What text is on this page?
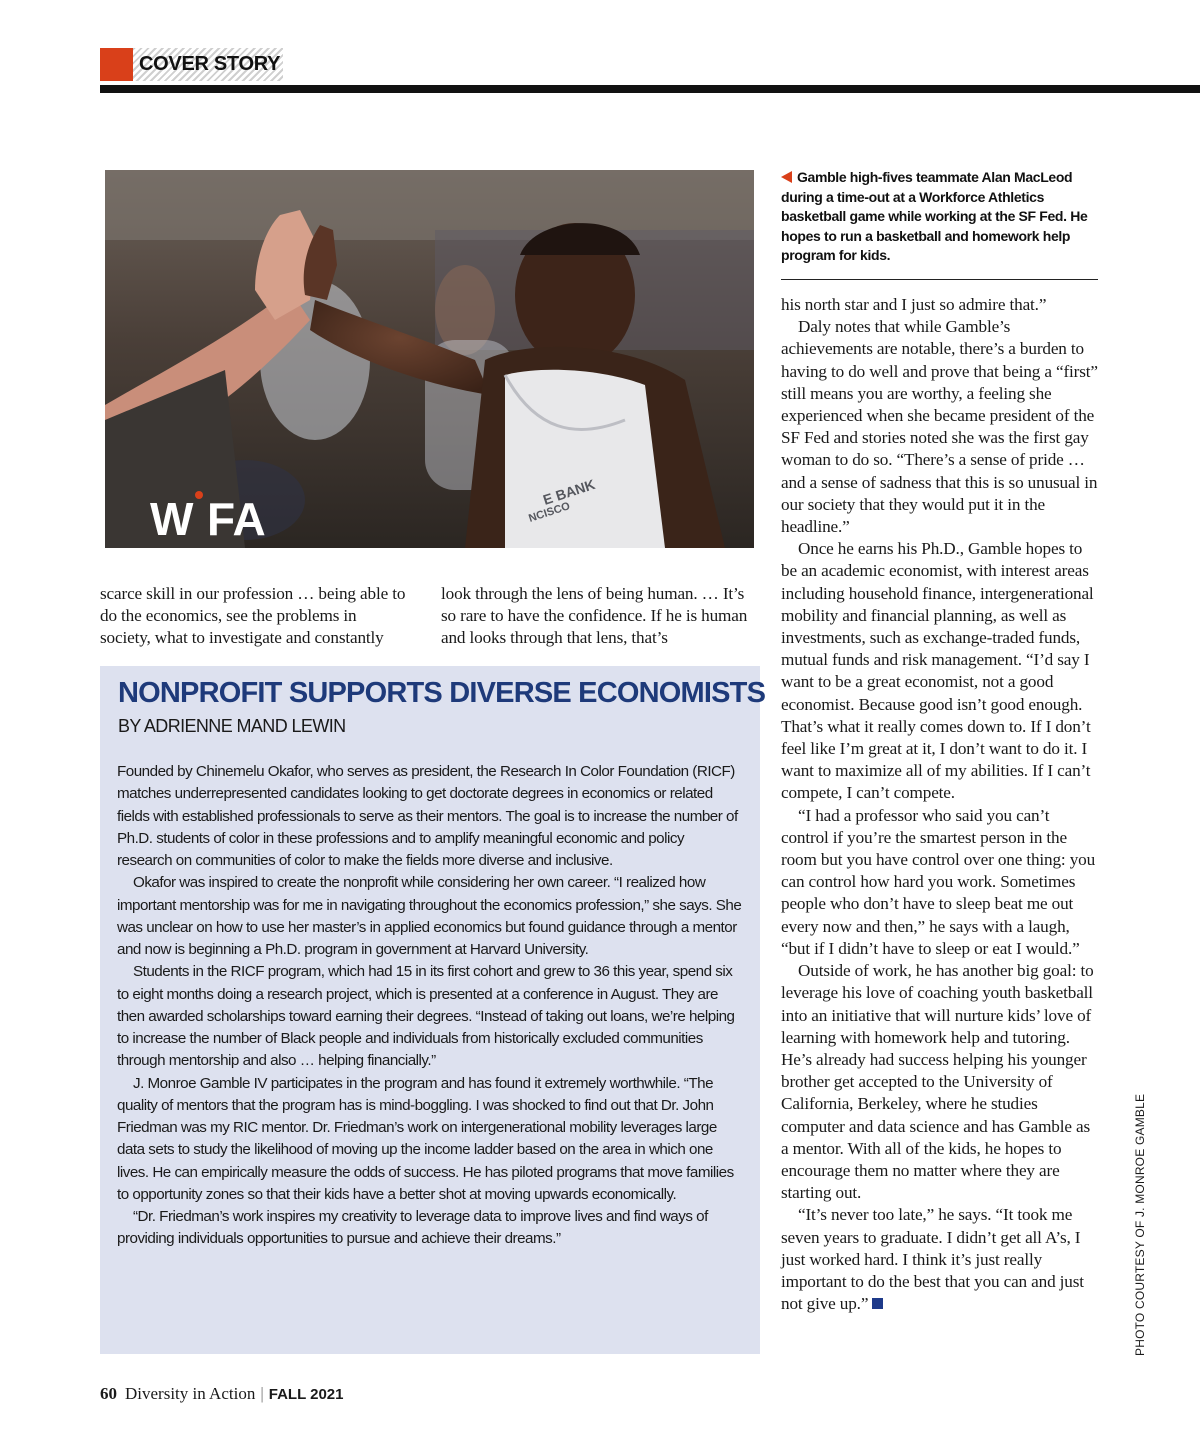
COVER STORY
E BANK
NCISCO
W FA
Gamble high-fives teammate Alan MacLeod during a time-out at a Workforce Athletics basketball game while working at the SF Fed. He hopes to run a basketball and homework help program for kids.

scarce skill in our profession … being able to do the economics, see the problems in society, what to investigate and constantly

look through the lens of being human. … It’s so rare to have the confidence. If he is human and looks through that lens, that’s

his north star and I just so admire that.”

Daly notes that while Gamble’s achievements are notable, there’s a burden to having to do well and prove that being a “first” still means you are worthy, a feeling she experienced when she became president of the SF Fed and stories noted she was the first gay woman to do so. “There’s a sense of pride … and a sense of sadness that this is so unusual in our society that they would put it in the headline.”

Once he earns his Ph.D., Gamble hopes to be an academic economist, with interest areas including household finance, intergenerational mobility and financial planning, as well as investments, such as exchange-traded funds, mutual funds and risk management. “I’d say I want to be a great economist, not a good economist. Because good isn’t good enough. That’s what it really comes down to. If I don’t feel like I’m great at it, I don’t want to do it. I want to maximize all of my abilities. If I can’t compete, I can’t compete.

“I had a professor who said you can’t control if you’re the smartest person in the room but you have control over one thing: you can control how hard you work. Sometimes people who don’t have to sleep beat me out every now and then,” he says with a laugh, “but if I didn’t have to sleep or eat I would.”

Outside of work, he has another big goal: to leverage his love of coaching youth basketball into an initiative that will nurture kids’ love of learning with homework help and tutoring. He’s already had success helping his younger brother get accepted to the University of California, Berkeley, where he studies computer and data science and has Gamble as a mentor. With all of the kids, he hopes to encourage them no matter where they are starting out.

“It’s never too late,” he says. “It took me seven years to graduate. I didn’t get all A’s, I just worked hard. I think it’s just really important to do the best that you can and just not give up.”

NONPROFIT SUPPORTS DIVERSE ECONOMISTS
BY ADRIENNE MAND LEWIN

Founded by Chinemelu Okafor, who serves as president, the Research In Color Foundation (RICF) matches underrepresented candidates looking to get doctorate degrees in economics or related fields with established professionals to serve as their mentors. The goal is to increase the number of Ph.D. students of color in these professions and to amplify meaningful economic and policy research on communities of color to make the fields more diverse and inclusive.

Okafor was inspired to create the nonprofit while considering her own career. “I realized how important mentorship was for me in navigating throughout the economics profession,” she says. She was unclear on how to use her master’s in applied economics but found guidance through a mentor and now is beginning a Ph.D. program in government at Harvard University.

Students in the RICF program, which had 15 in its first cohort and grew to 36 this year, spend six to eight months doing a research project, which is presented at a conference in August. They are then awarded scholarships toward earning their degrees. “Instead of taking out loans, we’re helping to increase the number of Black people and individuals from historically excluded communities through mentorship and also … helping financially.”

J. Monroe Gamble IV participates in the program and has found it extremely worthwhile. “The quality of mentors that the program has is mind-boggling. I was shocked to find out that Dr. John Friedman was my RIC mentor. Dr. Friedman’s work on intergenerational mobility leverages large data sets to study the likelihood of moving up the income ladder based on the area in which one lives. He can empirically measure the odds of success. He has piloted programs that move families to opportunity zones so that their kids have a better shot at moving upwards economically.

“Dr. Friedman’s work inspires my creativity to leverage data to improve lives and find ways of providing individuals opportunities to pursue and achieve their dreams.”	PHOTO COURTESY OF J. MONROE GAMBLE
60 Diversity in Action | FALL 2021
